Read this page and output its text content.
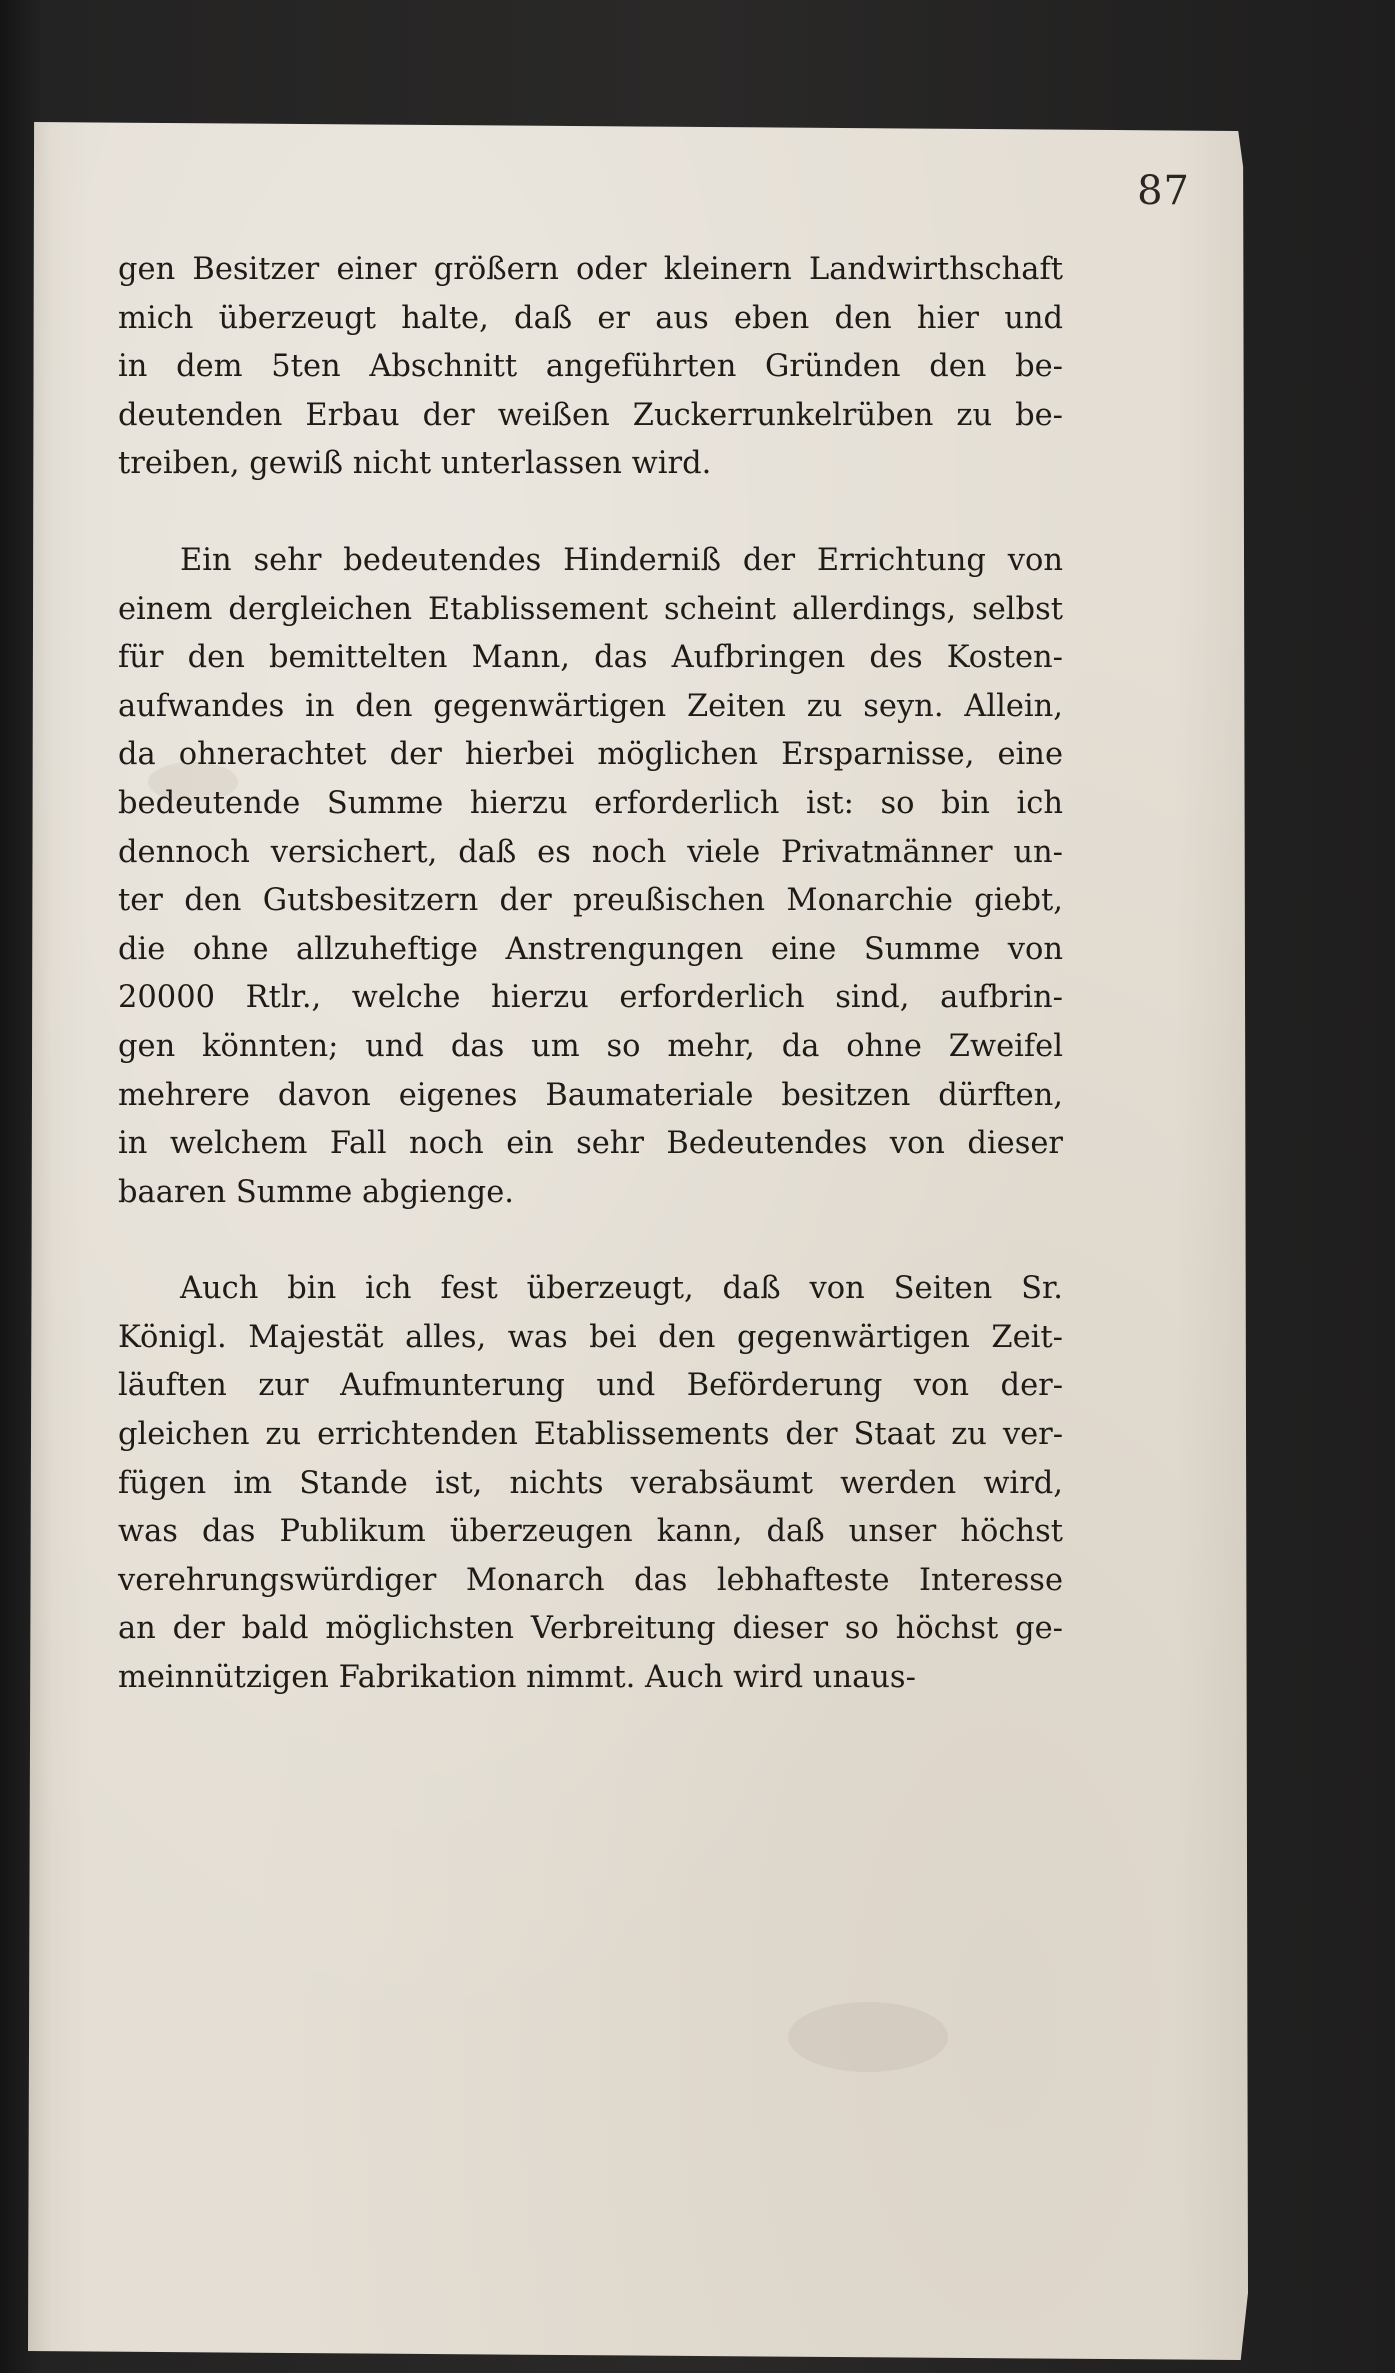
87
gen Besitzer einer größern oder kleinern Landwirthschaft
mich überzeugt halte, daß er aus eben den hier und
in dem 5ten Abschnitt angeführten Gründen den be-
deutenden Erbau der weißen Zuckerrunkelrüben zu be-
treiben, gewiß nicht unterlassen wird.
Ein sehr bedeutendes Hinderniß der Errichtung von
einem dergleichen Etablissement scheint allerdings, selbst
für den bemittelten Mann, das Aufbringen des Kosten-
aufwandes in den gegenwärtigen Zeiten zu seyn. Allein,
da ohnerachtet der hierbei möglichen Ersparnisse, eine
bedeutende Summe hierzu erforderlich ist: so bin ich
dennoch versichert, daß es noch viele Privatmänner un-
ter den Gutsbesitzern der preußischen Monarchie giebt,
die ohne allzuheftige Anstrengungen eine Summe von
20000 Rtlr., welche hierzu erforderlich sind, aufbrin-
gen könnten; und das um so mehr, da ohne Zweifel
mehrere davon eigenes Baumateriale besitzen dürften,
in welchem Fall noch ein sehr Bedeutendes von dieser
baaren Summe abgienge.
Auch bin ich fest überzeugt, daß von Seiten Sr.
Königl. Majestät alles, was bei den gegenwärtigen Zeit-
läuften zur Aufmunterung und Beförderung von der-
gleichen zu errichtenden Etablissements der Staat zu ver-
fügen im Stande ist, nichts verabsäumt werden wird,
was das Publikum überzeugen kann, daß unser höchst
verehrungswürdiger Monarch das lebhafteste Interesse
an der bald möglichsten Verbreitung dieser so höchst ge-
meinnützigen Fabrikation nimmt. Auch wird unaus-
